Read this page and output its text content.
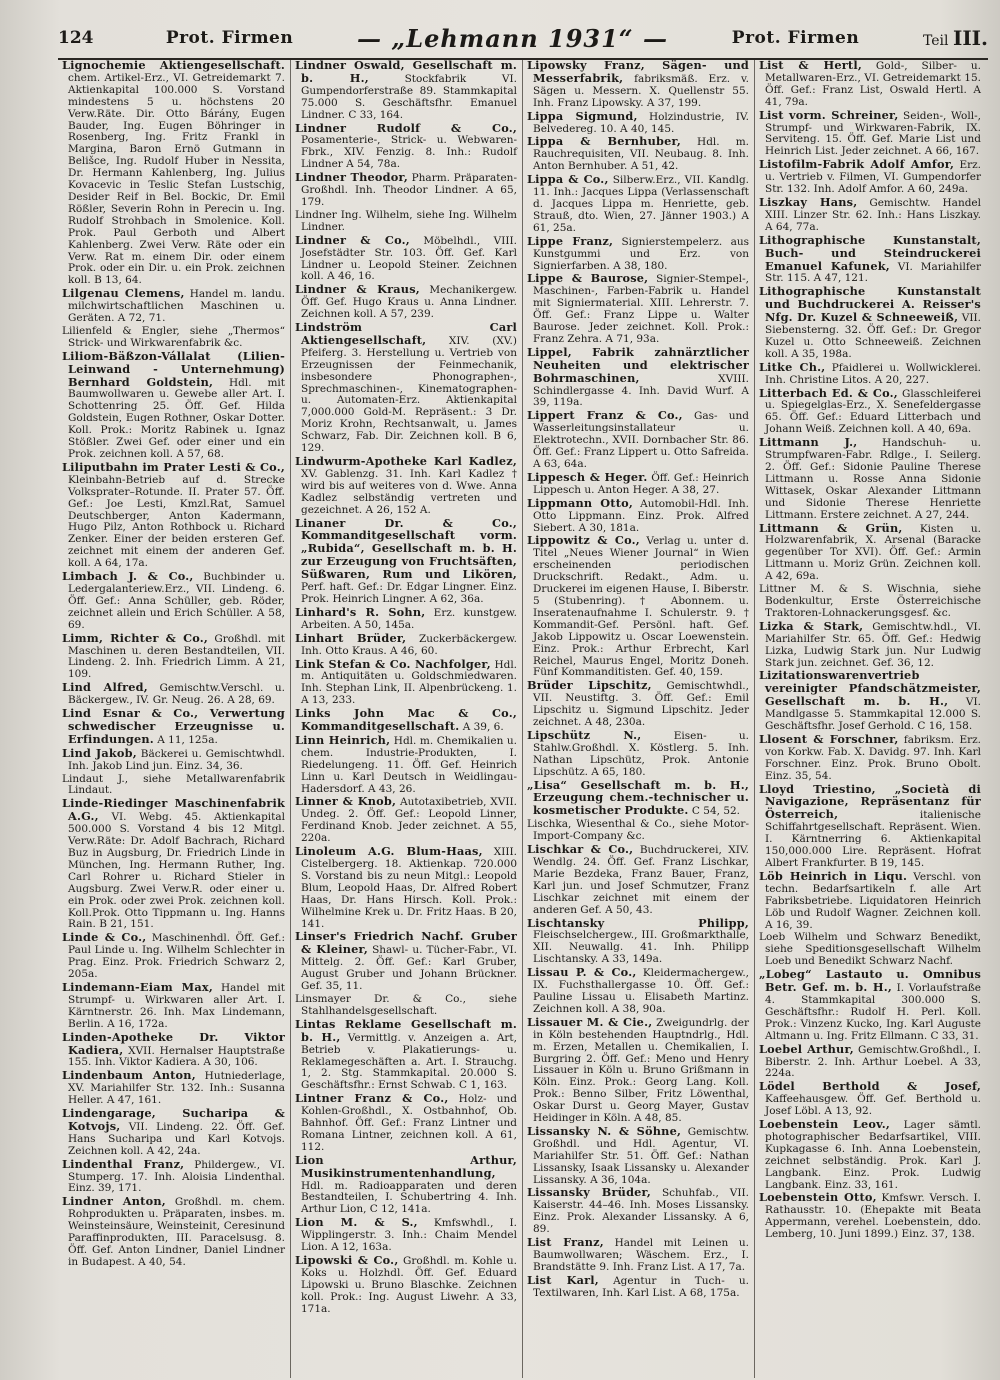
124	Prot. Firmen	— „Lehmann 1931“ —	Prot. Firmen	Teil III.

Lignochemie Aktiengesellschaft. chem. Artikel-Erz., VI. Getreidemarkt 7. Aktienkapital 100.000 S. Vorstand mindestens 5 u. höchstens 20 Verw.Räte. Dir. Otto Bárány, Eugen Bauder, Ing. Eugen Böhringer in Rosenberg, Ing. Fritz Frankl in Margina, Baron Ernö Gutmann in Belišce, Ing. Rudolf Huber in Nessita, Dr. Hermann Kahlenberg, Ing. Julius Kovacevic in Teslic Stefan Lustschig, Desider Reif in Bel. Bockic, Dr. Emil Rößler, Severin Rohn in Perecin u. Ing. Rudolf Strohbach in Smolenice. Koll. Prok. Paul Gerboth und Albert Kahlenberg. Zwei Verw. Räte oder ein Verw. Rat m. einem Dir. oder einem Prok. oder ein Dir. u. ein Prok. zeichnen koll. B 13, 64.

Lilgenau Clemens, Handel m. landu. milchwirtschaftlichen Maschinen u. Geräten. A 72, 71.

Lilienfeld & Engler, siehe „Thermos“ Strick- und Wirkwarenfabrik &c.

Liliom-Bäßzon-Vállalat (Lilien-Leinwand - Unternehmung) Bernhard Goldstein, Hdl. mit Baumwollwaren u. Gewebe aller Art. I. Schottenring 25. Öff. Gef. Hilda Goldstein, Eugen Rothner, Oskar Dotter. Koll. Prok.: Moritz Rabinek u. Ignaz Stößler. Zwei Gef. oder einer und ein Prok. zeichnen koll. A 57, 68.

Liliputbahn im Prater Lesti & Co., Kleinbahn-Betrieb auf d. Strecke Volksprater–Rotunde. II. Prater 57. Öff. Gef.: Joe Lesti, Kmzl.Rat, Samuel Deutschberger, Anton Kadermann, Hugo Pilz, Anton Rothbock u. Richard Zenker. Einer der beiden ersteren Gef. zeichnet mit einem der anderen Gef. koll. A 64, 17a.

Limbach J. & Co., Buchbinder u. Ledergalanteriew.Erz., VII. Lindeng. 6. Öff. Gef.: Anna Schüller, geb. Röder, zeichnet allein und Erich Schüller. A 58, 69.

Limm, Richter & Co., Großhdl. mit Maschinen u. deren Bestandteilen, VII. Lindeng. 2. Inh. Friedrich Limm. A 21, 109.

Lind Alfred, Gemischtw.Verschl. u. Bäckergew., IV. Gr. Neug. 26. A 28, 69.

Lind Esnar & Co., Verwertung schwedischer Erzeugnisse u. Erfindungen. A 11, 125a.

Lind Jakob, Bäckerei u. Gemischtwhdl. Inh. Jakob Lind jun. Einz. 34, 36.

Lindaut J., siehe Metallwarenfabrik Lindaut.

Linde-Riedinger Maschinenfabrik A.G., VI. Webg. 45. Aktienkapital 500.000 S. Vorstand 4 bis 12 Mitgl. Verw.Räte: Dr. Adolf Bachrach, Richard Buz in Augsburg, Dr. Friedrich Linde in München, Ing. Hermann Ruther, Ing. Carl Rohrer u. Richard Stieler in Augsburg. Zwei Verw.R. oder einer u. ein Prok. oder zwei Prok. zeichnen koll. Koll.Prok. Otto Tippmann u. Ing. Hanns Rain. B 21, 151.

Linde & Co., Maschinenhdl. Öff. Gef.: Paul Linde u. Ing. Wilhelm Schlechter in Prag. Einz. Prok. Friedrich Schwarz 2, 205a.

Lindemann-Eiam Max, Handel mit Strumpf- u. Wirkwaren aller Art. I. Kärntnerstr. 26. Inh. Max Lindemann, Berlin. A 16, 172a.

Linden-Apotheke Dr. Viktor Kadiera, XVII. Hernalser Hauptstraße 155. Inh. Viktor Kadiera. A 30, 106.

Lindenbaum Anton, Hutniederlage, XV. Mariahilfer Str. 132. Inh.: Susanna Heller. A 47, 161.

Lindengarage, Sucharipa & Kotvojs, VII. Lindeng. 22. Öff. Gef. Hans Sucharipa und Karl Kotvojs. Zeichnen koll. A 42, 24a.

Lindenthal Franz, Phildergew., VI. Stumperg. 17. Inh. Aloisia Lindenthal. Einz. 39, 171.

Lindner Anton, Großhdl. m. chem. Rohprodukten u. Präparaten, insbes. m. Weinsteinsäure, Weinsteinit, Ceresinund Paraffinprodukten, III. Paracelsusg. 8. Öff. Gef. Anton Lindner, Daniel Lindner in Budapest. A 40, 54.

Lindner Oswald, Gesellschaft m. b. H.,	Stockfabrik VI. Gumpendorferstraße 89. Stammkapital 75.000 S. Geschäftsfhr. Emanuel Lindner. C 33, 164.

Lindner Rudolf & Co., Posamenterie-, Strick- u. Webwaren-Fbrk., XIV. Fenzig. 8. Inh.: Rudolf Lindner A 54, 78a.

Lindner Theodor, Pharm. Präparaten-Großhdl. Inh. Theodor Lindner. A 65, 179.

Lindner Ing. Wilhelm, siehe Ing. Wilhelm Lindner.

Lindner & Co., Möbelhdl., VIII. Josefstädter Str. 103. Öff. Gef. Karl Lindner u. Leopold Steiner. Zeichnen koll. A 46, 16.

Lindner & Kraus, Mechanikergew. Öff. Gef. Hugo Kraus u. Anna Lindner. Zeichnen koll. A 57, 239.

Lindström Carl Aktiengesellschaft, XIV. (XV.) Pfeiferg. 3. Herstellung u. Vertrieb von Erzeugnissen der Feinmechanik, insbesondere Phonographen-, Sprechmaschinen-, Kinematographen- u. Automaten-Erz. Aktienkapital 7,000.000 Gold-M. Repräsent.: 3 Dr. Moriz Krohn, Rechtsanwalt, u. James Schwarz, Fab. Dir. Zeichnen koll. B 6, 129.

Lindwurm-Apotheke Karl Kadlez, XV. Gablenzg. 31. Inh. Karl Kadlez † wird bis auf weiteres von d. Wwe. Anna Kadlez selbständig vertreten und gezeichnet. A 26, 152 A.

Linaner Dr. & Co., Kommanditgesellschaft vorm. „Rubida“, Gesellschaft m. b. H. zur Erzeugung von Fruchtsäften, Süßwaren, Rum und Likören, Perf. haft. Gef.: Dr. Edgar Lingner. Einz. Prok. Heinrich Lingner. A 62, 36a.

Linhard's R. Sohn, Erz. kunstgew. Arbeiten. A 50, 145a.

Linhart Brüder, Zuckerbäckergew. Inh. Otto Kraus. A 46, 60.

Link Stefan & Co. Nachfolger, Hdl. m. Antiquitäten u. Goldschmiedwaren. Inh. Stephan Link, II. Alpenbrückeng. 1. A 13, 233.

Links John Mac & Co., Kommanditgesellschaft. A 39, 6.

Linn Heinrich, Hdl. m. Chemikalien u. chem. Industrie-Produkten, I. Riedelungeng. 11. Öff. Gef. Heinrich Linn u. Karl Deutsch in Weidlingau-Hadersdorf. A 43, 26.

Linner & Knob, Autotaxibetrieb, XVII. Undeg. 2. Öff. Gef.: Leopold Linner, Ferdinand Knob. Jeder zeichnet. A 55, 220a.

Linoleum A.G. Blum-Haas, XIII. Cistelbergerg. 18. Aktienkap. 720.000 S. Vorstand bis zu neun Mitgl.: Leopold Blum, Leopold Haas, Dr. Alfred Robert Haas, Dr. Hans Hirsch. Koll. Prok.: Wilhelmine Krek u. Dr. Fritz Haas. B 20, 141.

Linser's Friedrich Nachf. Gruber & Kleiner, Shawl- u. Tücher-Fabr., VI. Mittelg. 2. Öff. Gef.: Karl Gruber, August Gruber und Johann Brückner. Gef. 35, 11.

Linsmayer Dr. & Co., siehe Stahlhandelsgesellschaft.

Lintas Reklame Gesellschaft m. b. H., Vermittlg. v. Anzeigen a. Art, Betrieb v. Plakatierungs- u. Reklamegeschäften a. Art. I. Strauchg. 1, 2. Stg. Stammkapital. 20.000 S. Geschäftsfhr.: Ernst Schwab. C 1, 163.

Lintner Franz & Co., Holz- und Kohlen-Großhdl., X. Ostbahnhof, Ob. Bahnhof. Öff. Gef.: Franz Lintner und Romana Lintner, zeichnen koll. A 61, 112.

Lion Arthur, Musikinstrumentenhandlung, Hdl. m. Radioapparaten und deren Bestandteilen, I. Schubertring 4. Inh. Arthur Lion, C 12, 141a.

Lion M. & S., Kmfswhdl., I. Wipplingerstr. 3. Inh.: Chaim Mendel Lion. A 12, 163a.

Lipowski & Co., Großhdl. m. Kohle u. Koks u. Holzhdl. Öff. Gef. Eduard Lipowski u. Bruno Blaschke. Zeichnen koll. Prok.: Ing. August Liwehr. A 33, 171a.

Lipowsky Franz, Sägen- und Messerfabrik, fabriksmäß. Erz. v. Sägen u. Messern. X. Quellenstr 55. Inh. Franz Lipowsky. A 37, 199.

Lippa Sigmund, Holzindustrie, IV. Belvedereg. 10. A 40, 145.

Lippa & Bernhuber, Hdl. m. Rauchrequisiten, VII. Neubaug. 8. Inh. Anton Bernhuber. A 51, 42.

Lippa & Co., Silberw.Erz., VII. Kandlg. 11. Inh.: Jacques Lippa (Verlassenschaft d. Jacques Lippa m. Henriette, geb. Strauß, dto. Wien, 27. Jänner 1903.) A 61, 25a.

Lippe Franz, Signierstempelerz. aus Kunstgummi und Erz. von Signierfarben. A 38, 180.

Lippe & Baurose, Signier-Stempel-, Maschinen-, Farben-Fabrik u. Handel mit Signiermaterial. XIII. Lehrerstr. 7. Öff. Gef.: Franz Lippe u. Walter Baurose. Jeder zeichnet. Koll. Prok.: Franz Zehra. A 71, 93a.

Lippel, Fabrik zahnärztlicher Neuheiten und elektrischer Bohrmaschinen,	XVIII. Schindlergasse 4. Inh. David Wurf. A 39, 119a.

Lippert Franz & Co., Gas- und Wasserleitungsinstallateur u. Elektrotechn., XVII. Dornbacher Str. 86. Öff. Gef.: Franz Lippert u. Otto Safreida. A 63, 64a.

Lippesch & Heger. Öff. Gef.: Heinrich Lippesch u. Anton Heger. A 38, 27.

Lippmann Otto, Automobil-Hdl. Inh. Otto Lippmann. Einz. Prok. Alfred Siebert. A 30, 181a.

Lippowitz & Co., Verlag u. unter d. Titel „Neues Wiener Journal“ in Wien erscheinenden periodischen Druckschrift. Redakt., Adm. u. Druckerei im eigenen Hause, I. Biberstr. 5 (Stubenring). † Abonnem. u. Inseratenaufnahme I. Schulerstr. 9. † Kommandit-Gef. Persönl. haft. Gef. Jakob Lippowitz u. Oscar Loewenstein. Einz. Prok.: Arthur Erbrecht, Karl Reichel, Maurus Engel, Moritz Doneh. Fünf Kommanditisten. Gef. 40, 159.

Brüder Lipschitz, Gemischtwhdl., VII. Neustiftg. 3. Öff. Gef.: Emil Lipschitz u. Sigmund Lipschitz. Jeder zeichnet. A 48, 230a.

Lipschütz N.,	Eisen- u. Stahlw.Großhdl. X. Köstlerg. 5. Inh. Nathan Lipschütz, Prok. Antonie Lipschütz. A 65, 180.

„Lisa“ Gesellschaft m. b. H., Erzeugung chem.-technischer u. kosmetischer Produkte. C 54, 52.

Lischka, Wiesenthal & Co., siehe Motor-Import-Company &c.

Lischkar & Co., Buchdruckerei, XIV. Wendlg. 24. Öff. Gef. Franz Lischkar, Marie Bezdeka, Franz Bauer, Franz, Karl jun. und Josef Schmutzer, Franz Lischkar zeichnet mit einem der anderen Gef. A 50, 43.

Lischtansky Philipp, Fleischselchergew., III. Großmarkthalle, XII. Neuwallg. 41. Inh. Philipp Lischtansky. A 33, 149a.

Lissau P. & Co., Kleidermachergew., IX. Fuchsthallergasse 10. Öff. Gef.: Pauline Lissau u. Elisabeth Martinz. Zeichnen koll. A 38, 90a.

Lissauer M. & Cie., Zweigundrlg. der in Köln bestehenden Hauptndrlg., Hdl. m. Erzen, Metallen u. Chemikalien, I. Burgring 2. Öff. Gef.: Meno und Henry Lissauer in Köln u. Bruno Grißmann in Köln. Einz. Prok.: Georg Lang. Koll. Prok.: Benno Silber, Fritz Löwenthal, Oskar Durst u. Georg Mayer, Gustav Heidinger in Köln. A 48, 85.

Lissansky N. & Söhne, Gemischtw. Großhdl. und Hdl. Agentur, VI. Mariahilfer Str. 51. Öff. Gef.: Nathan Lissansky, Isaak Lissansky u. Alexander Lissansky. A 36, 104a.

Lissansky Brüder, Schuhfab., VII. Kaiserstr. 44–46. Inh. Moses Lissansky. Einz. Prok. Alexander Lissansky. A 6, 89.

List Franz, Handel mit Leinen u. Baumwollwaren; Wäschem. Erz., I. Brandstätte 9. Inh. Franz List. A 17, 7a.

List Karl, Agentur in Tuch- u. Textilwaren, Inh. Karl List. A 68, 175a.

List & Hertl, Gold-, Silber- u. Metallwaren-Erz., VI. Getreidemarkt 15. Öff. Gef.: Franz List, Oswald Hertl. A 41, 79a.

List vorm. Schreiner, Seiden-, Woll-, Strumpf- und Wirkwaren-Fabrik, IX. Serviteng. 15. Öff. Gef. Marie List und Heinrich List. Jeder zeichnet. A 66, 167.

Listofilm-Fabrik Adolf Amfor, Erz. u. Vertrieb v. Filmen, VI. Gumpendorfer Str. 132. Inh. Adolf Amfor. A 60, 249a.

Liszkay Hans, Gemischtw. Handel XIII. Linzer Str. 62. Inh.: Hans Liszkay. A 64, 77a.

Lithographische Kunstanstalt, Buch- und Steindruckerei Emanuel Kafunek, VI. Mariahilfer Str. 115. A 47, 121.

Lithographische Kunstanstalt und Buchdruckerei A. Reisser's Nfg. Dr. Kuzel & Schneeweiß, VII. Siebensterng. 32. Öff. Gef.: Dr. Gregor Kuzel u. Otto Schneeweiß. Zeichnen koll. A 35, 198a.

Litke Ch., Pfaidlerei u. Wollwicklerei. Inh. Christine Litos. A 20, 227.

Litterbach Ed. & Co., Glasschleiferei u. Spiegelglas-Erz., X. Senefeldergasse 65. Öff. Gef.: Eduard Litterbach und Johann Weiß. Zeichnen koll. A 40, 69a.

Littmann J., Handschuh- u. Strumpfwaren-Fabr. Rdlge., I. Seilerg. 2. Öff. Gef.: Sidonie Pauline Therese Littmann u. Rosse Anna Sidonie Wittasek, Oskar Alexander Littmann und Sidonie Therese Henriette Littmann. Erstere zeichnet. A 27, 244.

Littmann & Grün, Kisten u. Holzwarenfabrik, X. Arsenal (Baracke gegenüber Tor XVI). Öff. Gef.: Armin Littmann u. Moriz Grün. Zeichnen koll. A 42, 69a.

Littner M. & S. Wischnia, siehe Bodenkultur, Erste Österreichische Traktoren-Lohnackerungsgesf. &c.

Lizka & Stark, Gemischtw.hdl., VI. Mariahilfer Str. 65. Öff. Gef.: Hedwig Lizka, Ludwig Stark jun. Nur Ludwig Stark jun. zeichnet. Gef. 36, 12.

Lizitationswarenvertrieb vereinigter Pfandschätzmeister, Gesellschaft m. b. H., VI. Mandlgasse 5. Stammkapital 12.000 S. Geschäftsfhr. Josef Gerhold. C 16, 158.

Llosent & Forschner, fabriksm. Erz. von Korkw. Fab. X. Davidg. 97. Inh. Karl Forschner. Einz. Prok. Bruno Obolt. Einz. 35, 54.

Lloyd Triestino, „Società di Navigazione, Repräsentanz für Österreich,	italienische Schiffahrtgesellschaft. Repräsent. Wien. I. Kärntnerring 6. Aktienkapital 150,000.000 Lire. Repräsent. Hofrat Albert Frankfurter. B 19, 145.

Löb Heinrich in Liqu. Verschl. von techn. Bedarfsartikeln f. alle Art Fabriksbetriebe. Liquidatoren Heinrich Löb und Rudolf Wagner. Zeichnen koll. A 16, 39.

Loeb Wilhelm und Schwarz Benedikt, siehe Speditionsgesellschaft Wilhelm Loeb und Benedikt Schwarz Nachf.

„Lobeg“ Lastauto u. Omnibus Betr. Gef. m. b. H., I. Vorlaufstraße 4. Stammkapital 300.000 S. Geschäftsfhr.: Rudolf H. Perl. Koll. Prok.: Vinzenz Kucko, Ing. Karl Auguste Altmann u. Ing. Fritz Ellmann. C 33, 31.

Loebel Arthur, Gemischtw.Großhdl., I. Biberstr. 2. Inh. Arthur Loebel. A 33, 224a.

Lödel Berthold & Josef, Kaffeehausgew. Öff. Gef. Berthold u. Josef Löbl. A 13, 92.

Loebenstein Leov., Lager sämtl. photographischer Bedarfsartikel, VIII. Kupkagasse 6. Inh. Anna Loebenstein, zeichnet selbständig. Prok. Karl J. Langbank. Einz. Prok. Ludwig Langbank. Einz. 33, 161.

Loebenstein Otto, Kmfswr. Versch. I. Rathausstr. 10. (Ehepakte mit Beata Appermann, verehel. Loebenstein, ddo. Lemberg, 10. Juni 1899.) Einz. 37, 138.
